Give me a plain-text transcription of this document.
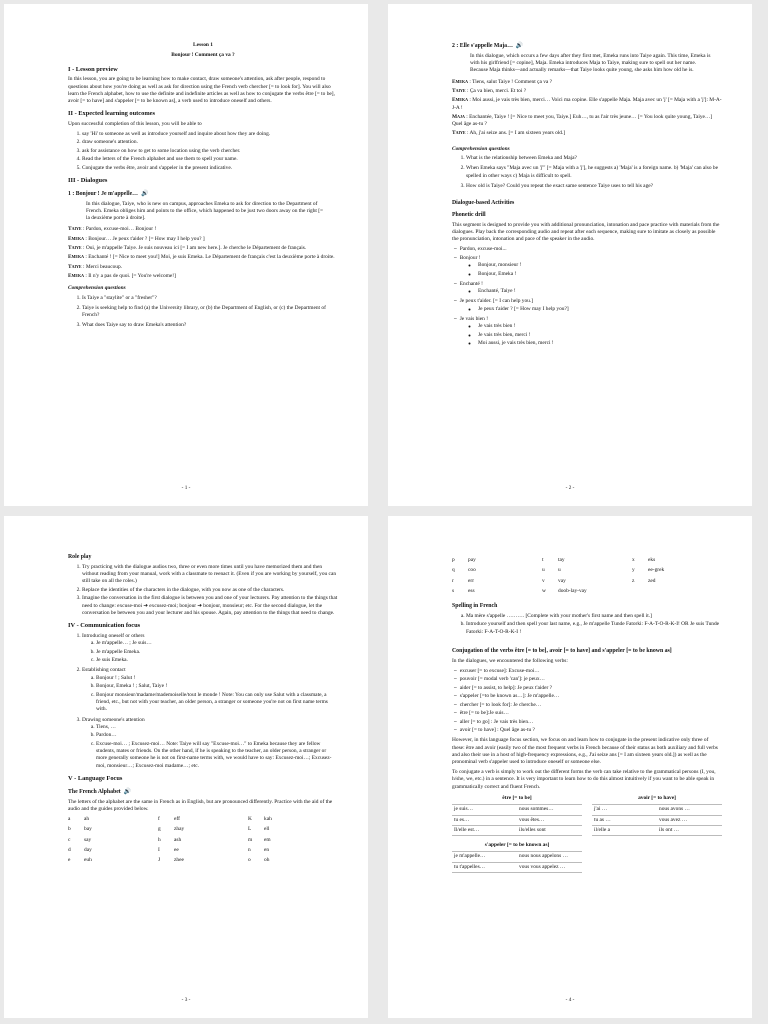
Lesson 1
Bonjour ! Comment ça va ?
I - Lesson preview

In this lesson, you are going to be learning how to make contact, draw someone's attention, ask after people, respond to questions about how you're doing as well as ask for direction using the French verb chercher [= to look for]. You will also learn the French alphabet, how to use the definite and indefinite articles as well as how to conjugate the verbs être [= to be], avoir [= to have] and s'appeler [= to be known as], a verb used to introduce oneself and others.

II - Expected learning outcomes

Upon successful completion of this lesson, you will be able to

1. say 'Hi' to someone as well as introduce yourself and inquire about how they are doing.
2. draw someone's attention.
3. ask for assistance on how to get to some location using the verb chercher.
4. Read the letters of the French alphabet and use them to spell your name.
5. Conjugate the verbs être, avoir and s'appeler in the present indicative.
III - Dialogues
1 : Bonjour ! Je m'appelle… 🔊

In this dialogue, Taiye, who is new on campus, approaches Emeka to ask for direction to the Department of French. Emeka obliges him and points to the office, which happened to be just two doors away on the right [= la deuxième porte à droite].

Taiye : Pardon, excuse-moi… Bonjour !
Emeka : Bonjour… Je peux t'aider ? [= How may I help you? ]
Taiye : Oui, je m'appelle Taiye. Je suis nouveau ici [= I am new here.]. Je cherche le Département de français.
Emeka : Enchanté ! [= Nice to meet you!] Moi, je suis Emeka. Le Département de français c'est la deuxième porte à droite.
Taiye : Merci beaucoup.
Emeka : Il n'y a pas de quoi. [= You're welcome!]
Comprehension questions
1. Is Taiye a "staylite" or a "fresher"?
2. Taiye is seeking help to find (a) the University library, or (b) the Department of English, or (c) the Department of French?
3. What does Taiye say to draw Emeka's attention?
- 1 -
2 : Elle s'appelle Maja… 🔊

In this dialogue, which occurs a few days after they first met, Emeka runs into Taiye again. This time, Emeka is with his girlfriend [= copine], Maja. Emeka introduces Maja to Taiye, making sure to spell out her name. Because Maja thinks—and actually remarks—that Taiye looks quite young, she asks him how old he is.

Emeka : Tiens, salut Taiye ! Comment ça va ?
Taiye : Ça va bien, merci. Et toi ?
Emeka : Moi aussi, je vais très bien, merci… Voici ma copine. Elle s'appelle Maja. Maja avec un 'j' [= Maja with a 'j']: M-A-J-A !
Maja : Enchantée, Taiye ! [= Nice to meet you, Taiye.] Euh…, tu as l'air très jeune… [= You look quite young, Taiye…] Quel âge as-tu ?
Taiye : Ah, j'ai seize ans. [= I am sixteen years old.]
Comprehension questions
1. What is the relationship between Emeka and Maja?
2. When Emeka says "Maja avec un 'j'" [= Maja with a 'j'], he suggests a) 'Maja' is a foreign name. b) 'Maja' can also be spelled in other ways c) Maja is difficult to spell.
3. How old is Taiye? Could you repeat the exact same sentence Taiye uses to tell his age?
Dialogue-based Activities
Phonetic drill

This segment is designed to provide you with additional pronunciation, intonation and pace practice with materials from the dialogues. Play back the corresponding audio and repeat after each sequence, making sure to imitate as closely as possible the pronunciation, intonation and pace of the speaker in the audio.

– Pardon, excuse-moi...
– Bonjour !
◦ Bonjour, monsieur !
◦ Bonjour, Emeka !
– Enchanté !
◦ Enchanté, Taiye !
– Je peux t'aider. [= I can help you.]
◦ Je peux t'aider ? [= How may I help you?]
– Je vais bien !
◦ Je vais très bien !
◦ Je vais très bien, merci !
◦ Moi aussi, je vais très bien, merci !
- 2 -
Role play
1. Try practicing with the dialogue audios two, three or even more times until you have memorized them and then without reading from your manual, work with a classmate to reenact it. (Even if you are working by yourself, you can still take on all the roles.)
2. Replace the identities of the characters in the dialogue, with you now as one of the characters.
3. Imagine the conversation in the first dialogue is between you and one of your lecturers. Pay attention to the things that need to change: excuse-moi ➔ excusez-moi; bonjour ➔ bonjour, monsieur; etc. For the second dialogue, let the conversation be between you and your lecturer and his spouse. Again, pay attention to the things that need to change.
IV - Communication focus
1. Introducing oneself or others
a. Je m'appelle… ; Je suis…
b. Je m'appelle Emeka.
c. Je suis Emeka.
2. Establishing contact
a. Bonjour ! ; Salut !
b. Bonjour, Emeka ! ; Salut, Taiye !
c. Bonjour monsieur/madame/mademoiselle/tout le monde ! Note: You can only use Salut with a classmate, a friend, etc., but not with your teacher, an older person, a stranger or someone you're not on first name terms with.
3. Drawing someone's attention
a. Tiens, …
b. Pardon…
c. Excuse-moi… ; Excusez-moi… Note: Taiye will say "Excuse-moi…" to Emeka because they are fellow students, mates or friends. On the other hand, if he is speaking to the teacher, an older person, a stranger or more generally someone he is not on first-name terms with, we would have to say: Excusez-moi…; Excusez-moi, monsieur…; Excusez-moi madame…; etc.
V - Language Focus
The French Alphabet 🔊

The letters of the alphabet are the same in French as in English, but are pronounced differently. Practice with the aid of the audio and the guides provided below.

a	ah	f	eff	K kah
b bay	g zhay	L ell
c	say	h ash	m em
d day	I	ee	n en
e	euh	J	zhee	o oh
- 3 -
p pay	t	tay	x eks
q coo	u u	y ee-grek
r	err	v vay	z	zed
s	ess	w doob-lay-vay
Spelling in French
a. Ma mère s'appelle ………. [Complete with your mother's first name and then spell it.]
b. Introduce yourself and then spell your last name, e.g., Je m'appelle Tunde Fatorki: F-A-T-O-R-K-I! OR Je suis Tunde Fatorki: F-A-T-O-R-K-I !
Conjugation of the verbs être [= to be], avoir [= to have] and s'appeler [= to be known as]

In the dialogues, we encountered the following verbs:

– excuser [= to excuse]: Excuse-moi…
– pouvoir [= modal verb 'can']: je peux…
– aider [= to assist, to help]: Je peux t'aider ?
– s'appeler [=to be known as…]: Je m'appelle…
– chercher [= to look for]: Je cherche…
– être [= to be]:Je suis…
– aller [= to go] : Je vais très bien…
– avoir [= to have] : Quel âge as-tu ?

However, in this language focus section, we focus on and learn how to conjugate in the present indicative only three of these: être and avoir (easily two of the most frequent verbs in French because of their status as both auxiliary and full verbs and also their use in a host of high-frequency expressions, e.g., J'ai seize ans [= I am sixteen years old.]) as well as the pronominal verb s'appeler used to introduce oneself or someone else.

To conjugate a verb is simply to work out the different forms the verb can take relative to the grammatical persons (I, you, h/she, we, etc.) in a sentence. It is very important to learn how to do this almost intuitively if you want to be able speak in grammatically correct and fluent French.

être [= to be]
je suis…	nous sommes…
tu es…	vous êtes…
Il/elle est…	ils/elles sont
avoir [= to have]
j'ai …	nous avons …
tu as …	vous avez …
il/elle a	ils ont …
s'appeler [= to be known as]
je m'appelle…	nous nous appelons …
tu t'appelles…	vous vous appelez …
- 4 -
